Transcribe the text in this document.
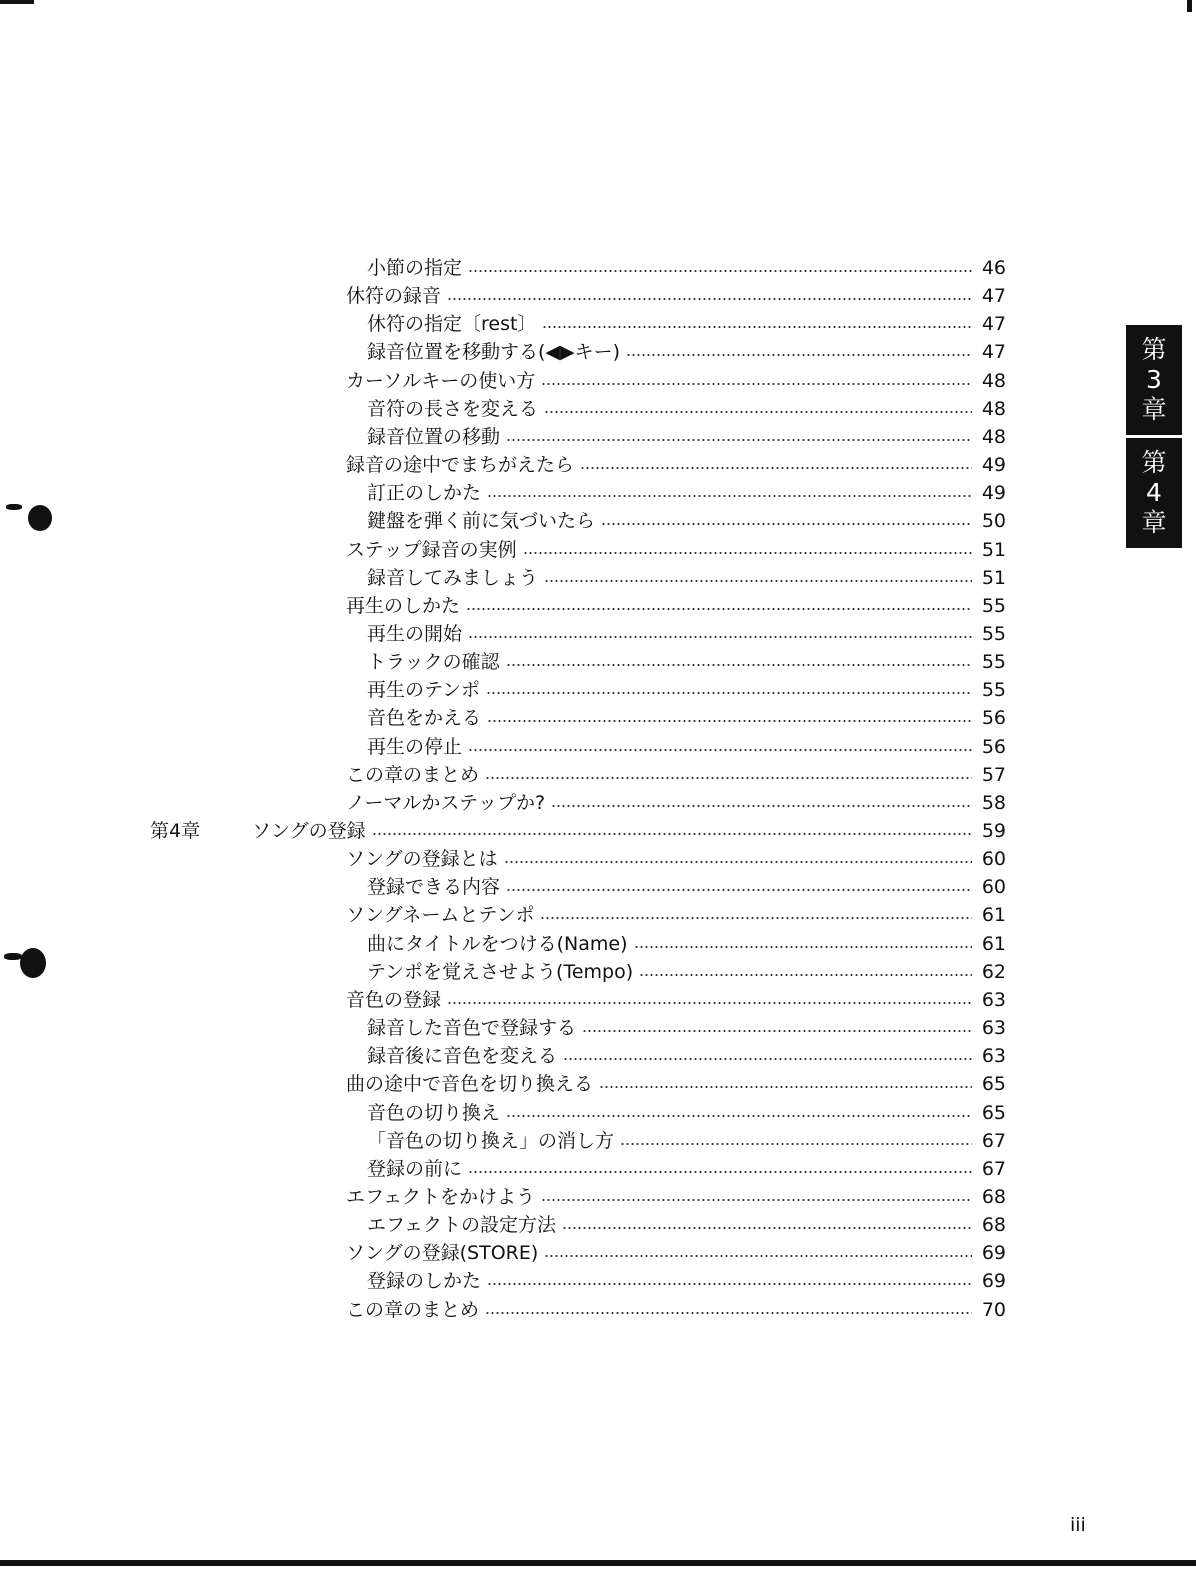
第
3
章
第
4
章
小節の指定	46
休符の録音	47
休符の指定〔rest〕	47
録音位置を移動する(◀▶キー)	47
カーソルキーの使い方	48
音符の長さを変える	48
録音位置の移動	48
録音の途中でまちがえたら	49
訂正のしかた	49
鍵盤を弾く前に気づいたら	50
ステップ録音の実例	51
録音してみましょう	51
再生のしかた	55
再生の開始	55
トラックの確認	55
再生のテンポ	55
音色をかえる	56
再生の停止	56
この章のまとめ	57
ノーマルかステップか?	58
第4章	ソングの登録	59
ソングの登録とは	60
登録できる内容	60
ソングネームとテンポ	61
曲にタイトルをつける(Name)	61
テンポを覚えさせよう(Tempo)	62
音色の登録	63
録音した音色で登録する	63
録音後に音色を変える	63
曲の途中で音色を切り換える	65
音色の切り換え	65
「音色の切り換え」の消し方	67
登録の前に	67
エフェクトをかけよう	68
エフェクトの設定方法	68
ソングの登録(STORE)	69
登録のしかた	69
この章のまとめ	70
iii
